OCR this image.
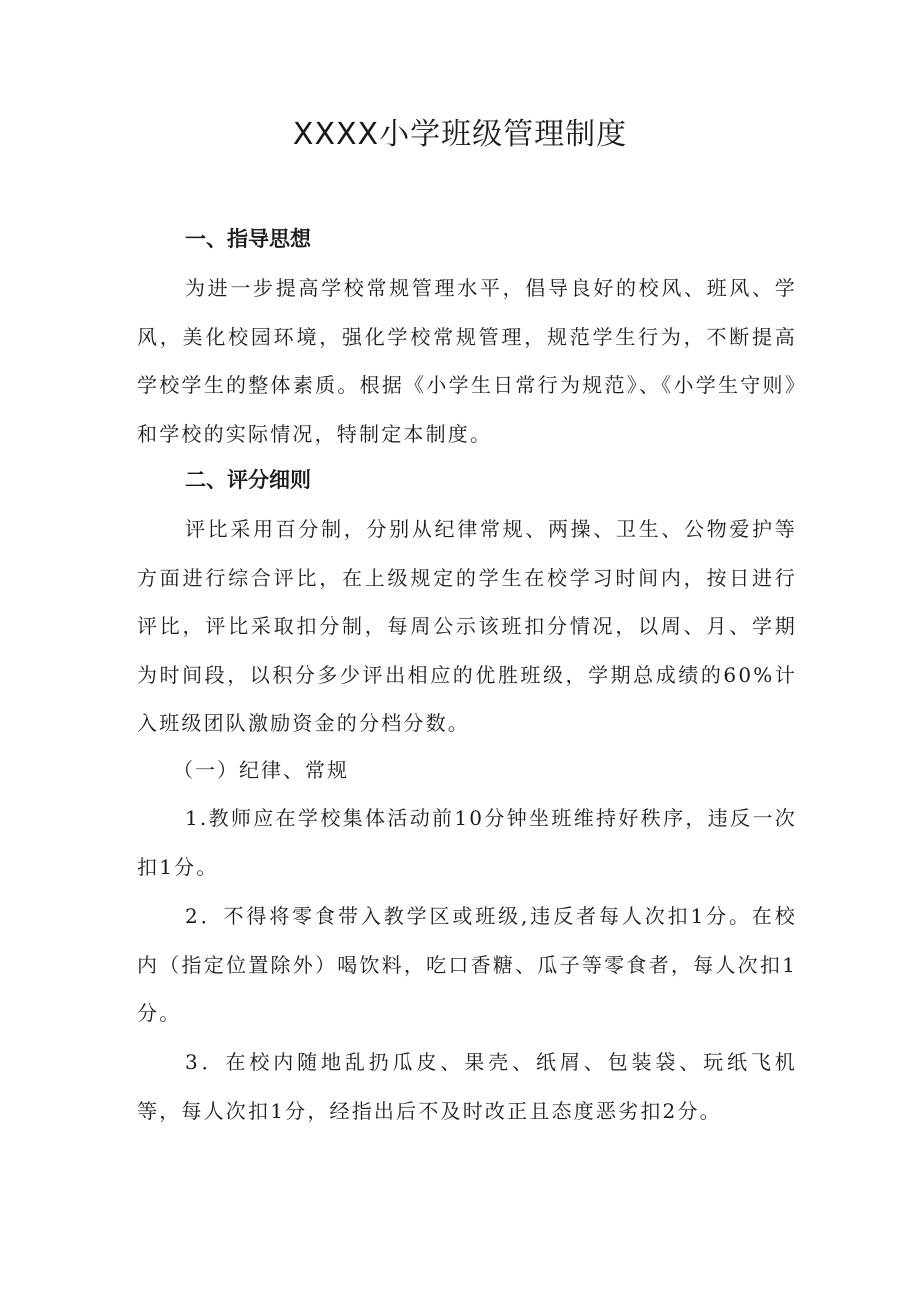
XXXX小学班级管理制度
一、指导思想

为进一步提高学校常规管理水平，倡导良好的校风、班风、学风，美化校园环境，强化学校常规管理，规范学生行为，不断提高学校学生的整体素质。根据《小学生日常行为规范》、《小学生守则》和学校的实际情况，特制定本制度。

二、评分细则

评比采用百分制，分别从纪律常规、两操、卫生、公物爱护等方面进行综合评比，在上级规定的学生在校学习时间内，按日进行评比，评比采取扣分制，每周公示该班扣分情况，以周、月、学期为时间段，以积分多少评出相应的优胜班级，学期总成绩的60%计入班级团队激励资金的分档分数。

（一）纪律、常规

1.教师应在学校集体活动前10分钟坐班维持好秩序，违反一次扣1分。

2．不得将零食带入教学区或班级,违反者每人次扣1分。在校内（指定位置除外）喝饮料，吃口香糖、瓜子等零食者，每人次扣1分。

3．在校内随地乱扔瓜皮、果壳、纸屑、包装袋、玩纸飞机等，每人次扣1分，经指出后不及时改正且态度恶劣扣2分。
